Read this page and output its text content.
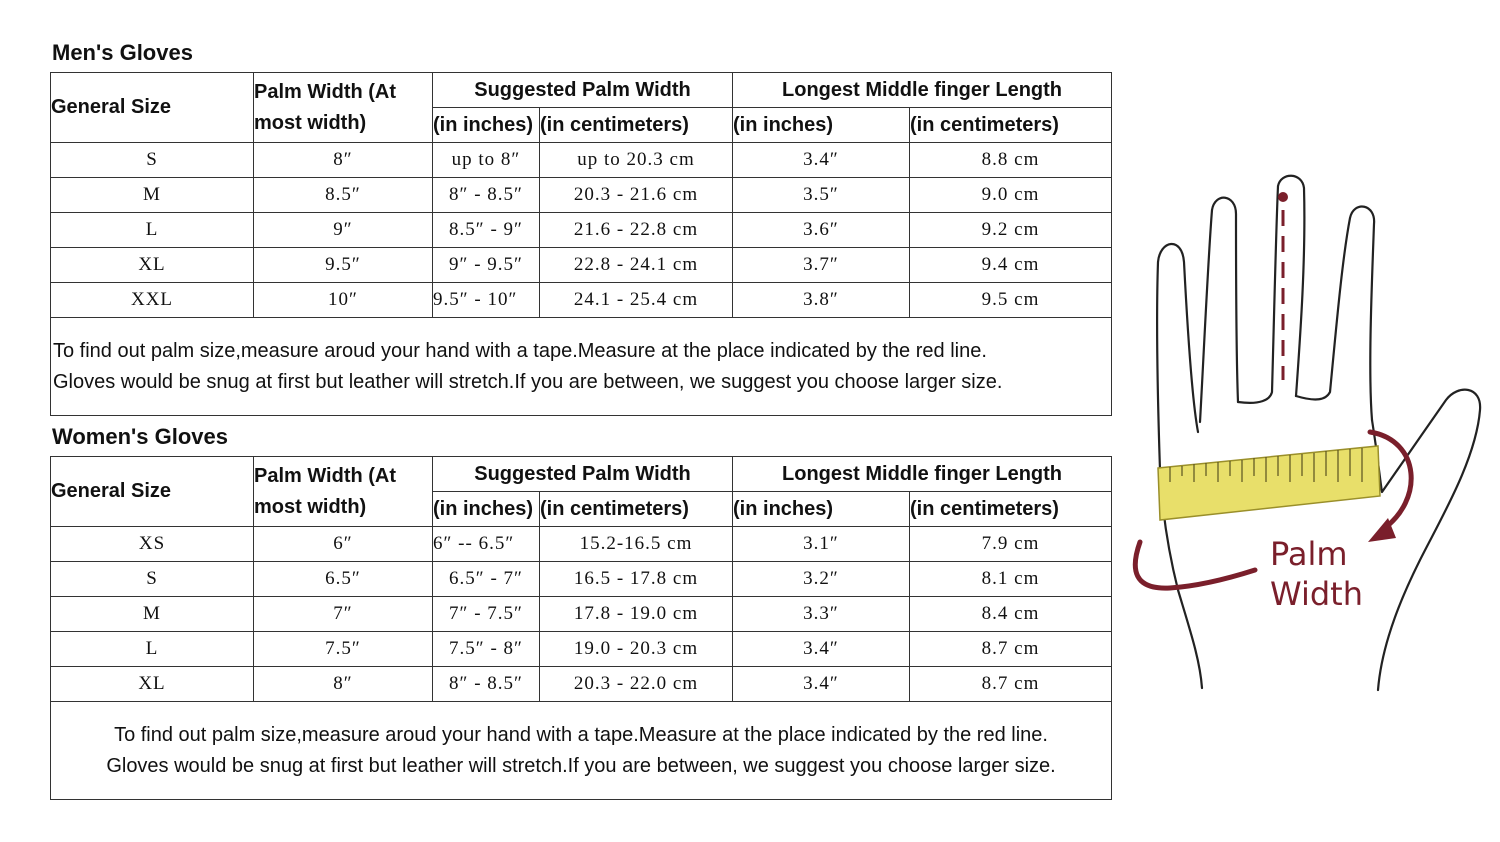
Men's Gloves
General Size	Palm Width (At most width)	Suggested Palm Width		Longest Middle finger Length	
		(in inches)	(in centimeters)	(in inches)	(in centimeters)
S	8″	up to 8″	up to 20.3 cm	3.4″	8.8 cm
M	8.5″	8″ - 8.5″	20.3 - 21.6 cm	3.5″	9.0 cm
L	9″	8.5″ - 9″	21.6 - 22.8 cm	3.6″	9.2 cm
XL	9.5″	9″ - 9.5″	22.8 - 24.1 cm	3.7″	9.4 cm
XXL	10″	9.5″ - 10″	24.1 - 25.4 cm	3.8″	9.5 cm

To find out palm size,measure aroud your hand with a tape.Measure at the place indicated by the red line.
Gloves would be snug at first but leather will stretch.If you are between, we suggest you choose larger size.					
Women's Gloves
General Size	Palm Width (At most width)	Suggested Palm Width		Longest Middle finger Length	
		(in inches)	(in centimeters)	(in inches)	(in centimeters)
XS	6″	6″ -- 6.5″	15.2-16.5 cm	3.1″	7.9 cm
S	6.5″	6.5″ - 7″	16.5 - 17.8 cm	3.2″	8.1 cm
M	7″	7″ - 7.5″	17.8 - 19.0 cm	3.3″	8.4 cm
L	7.5″	7.5″ - 8″	19.0 - 20.3 cm	3.4″	8.7 cm
XL	8″	8″ - 8.5″	20.3 - 22.0 cm	3.4″	8.7 cm

To find out palm size,measure aroud your hand with a tape.Measure at the place indicated by the red line.
Gloves would be snug at first but leather will stretch.If you are between, we suggest you choose larger size.					
Palm
Width
